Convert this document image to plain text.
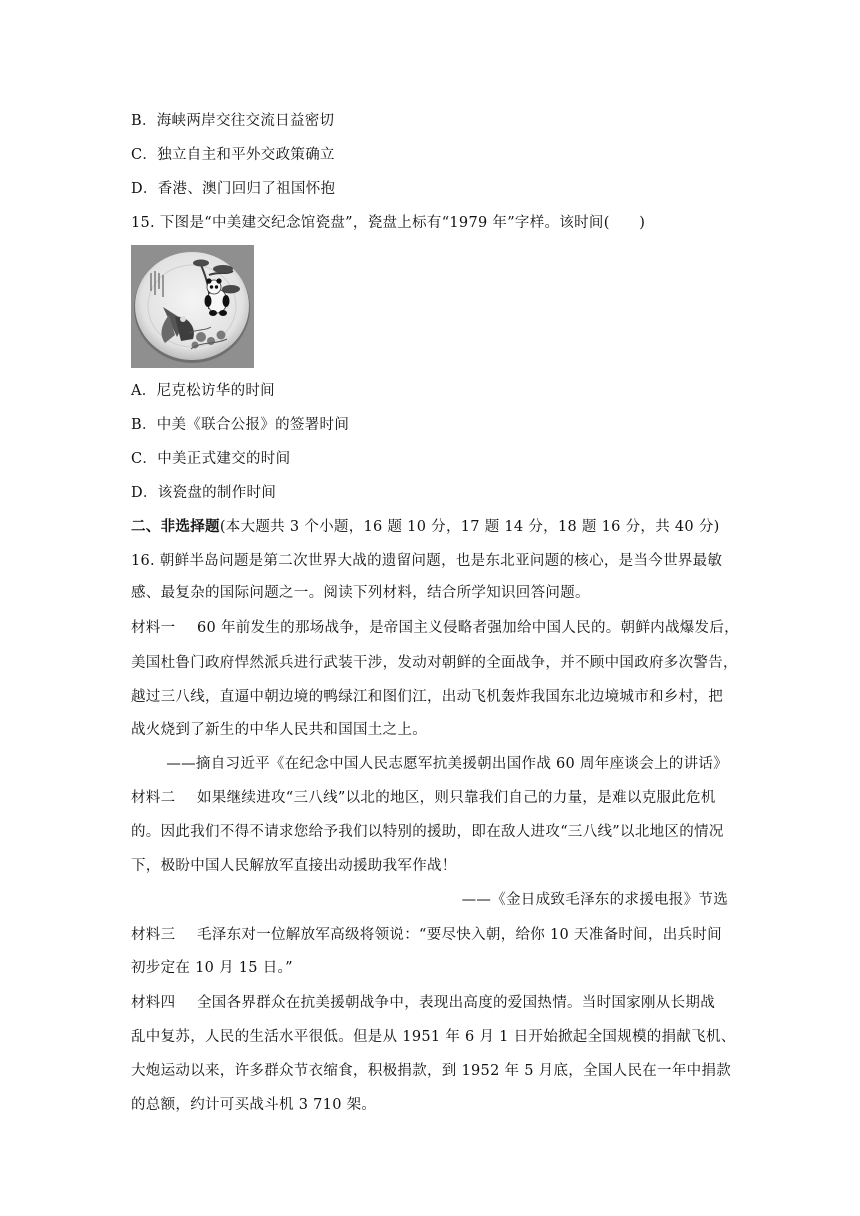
B．海峡两岸交往交流日益密切
C．独立自主和平外交政策确立
D．香港、澳门回归了祖国怀抱
15. 下图是“中美建交纪念馆瓷盘”，瓷盘上标有“1979 年”字样。该时间(　　)
A．尼克松访华的时间
B．中美《联合公报》的签署时间
C．中美正式建交的时间
D．该瓷盘的制作时间
二、非选择题(本大题共 3 个小题，16 题 10 分，17 题 14 分，18 题 16 分，共 40 分)
16. 朝鲜半岛问题是第二次世界大战的遗留问题，也是东北亚问题的核心，是当今世界最敏
感、最复杂的国际问题之一。阅读下列材料，结合所学知识回答问题。
材料一 60 年前发生的那场战争，是帝国主义侵略者强加给中国人民的。朝鲜内战爆发后，
美国杜鲁门政府悍然派兵进行武装干涉，发动对朝鲜的全面战争，并不顾中国政府多次警告，
越过三八线，直逼中朝边境的鸭绿江和图们江，出动飞机轰炸我国东北边境城市和乡村，把
战火烧到了新生的中华人民共和国国土之上。
——摘自习近平《在纪念中国人民志愿军抗美援朝出国作战 60 周年座谈会上的讲话》
材料二 如果继续进攻“三八线”以北的地区，则只靠我们自己的力量，是难以克服此危机
的。因此我们不得不请求您给予我们以特别的援助，即在敌人进攻“三八线”以北地区的情况
下，极盼中国人民解放军直接出动援助我军作战！
——《金日成致毛泽东的求援电报》节选
材料三 毛泽东对一位解放军高级将领说：“要尽快入朝，给你 10 天准备时间，出兵时间
初步定在 10 月 15 日。”
材料四 全国各界群众在抗美援朝战争中，表现出高度的爱国热情。当时国家刚从长期战
乱中复苏，人民的生活水平很低。但是从 1951 年 6 月 1 日开始掀起全国规模的捐献飞机、
大炮运动以来，许多群众节衣缩食，积极捐款，到 1952 年 5 月底，全国人民在一年中捐款
的总额，约计可买战斗机 3 710 架。
